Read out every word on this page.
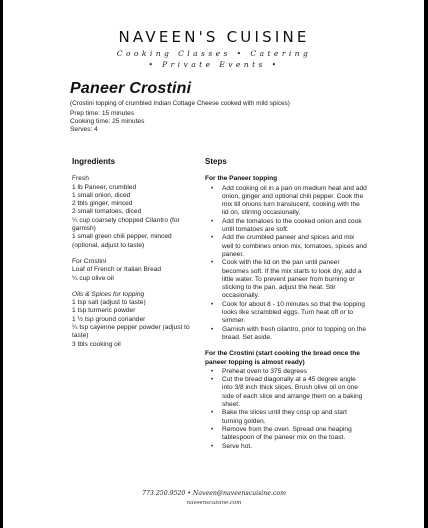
NAVEEN'S CUISINE
Cooking Classes • Catering
• Private Events •
Paneer Crostini
(Crostini topping of crumbled Indian Cottage Cheese cooked with mild spices)
Prep time: 15 minutes
Cooking time: 25 minutes
Serves: 4
Ingredients
Fresh
1 lb Paneer, crumbled
1 small onion, diced
2 tbls ginger, minced
2 small tomatoes, diced
¼ cup coarsely chopped Cilantro (for garnish)
1 small green chili pepper, minced (optional, adjust to taste)
For Crostini
Loaf of French or Italian Bread
¼ cup olive oil
Oils & Spices for topping
1 tsp salt (adjust to taste)
1 tsp turmeric powder
1 ½ tsp ground coriander
¼ tsp cayenne pepper powder (adjust to taste)
3 tbls cooking oil
Steps
For the Paneer topping
• Add cooking oil in a pan on medium heat and add onion, ginger and optional chili pepper. Cook the mix till onions turn translucent, cooking with the lid on, stirring occasionally.
• Add the tomatoes to the cooked onion and cook until tomatoes are soft.
• Add the crumbled paneer and spices and mix well to combines onion mix, tomatoes, spices and paneer.
• Cook with the lid on the pan until paneer becomes soft. If the mix starts to look dry, add a little water. To prevent paneer from burning or sticking to the pan, adjust the heat. Stir occasionally.
• Cook for about 8 - 10 minutes so that the topping looks like scrambled eggs. Turn heat off or to simmer.
• Garnish with fresh cilantro, prior to topping on the bread. Set aside.
For the Crostini (start cooking the bread once the paneer topping is almost ready)
• Preheat oven to 375 degrees
• Cut the bread diagonally at a 45 degree angle into 3/8 inch thick slices. Brush olive oil on one side of each slice and arrange them on a baking sheet.
• Bake the slices until they crisp up and start turning golden.
• Remove from the oven. Spread one heaping tablespoon of the paneer mix on the toast.
• Serve hot.
773.250.9520 • Naveen@naveenscuisine.com
naveenscuisine.com
